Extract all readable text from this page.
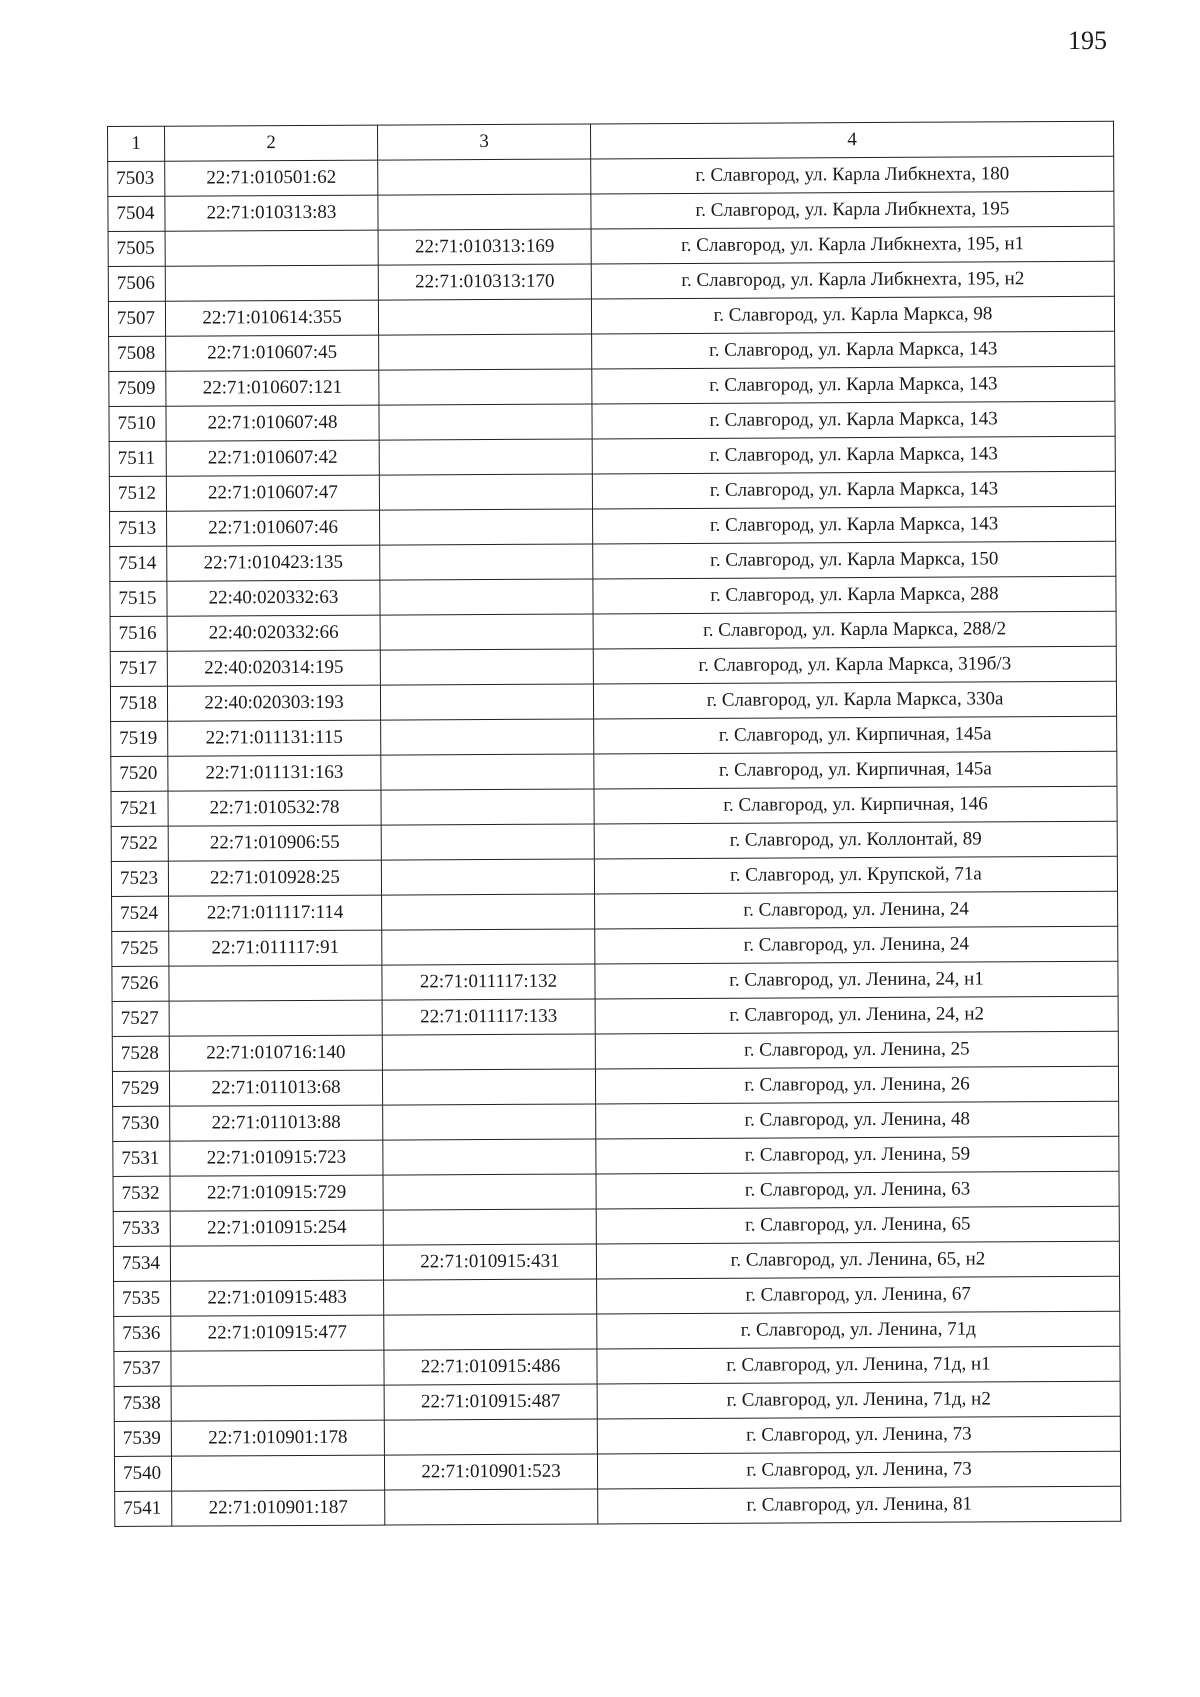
195
1	2	3	4
7503	22:71:010501:62		г. Славгород, ул. Карла Либкнехта, 180
7504	22:71:010313:83		г. Славгород, ул. Карла Либкнехта, 195
7505		22:71:010313:169	г. Славгород, ул. Карла Либкнехта, 195, н1
7506		22:71:010313:170	г. Славгород, ул. Карла Либкнехта, 195, н2
7507	22:71:010614:355		г. Славгород, ул. Карла Маркса, 98
7508	22:71:010607:45		г. Славгород, ул. Карла Маркса, 143
7509	22:71:010607:121		г. Славгород, ул. Карла Маркса, 143
7510	22:71:010607:48		г. Славгород, ул. Карла Маркса, 143
7511	22:71:010607:42		г. Славгород, ул. Карла Маркса, 143
7512	22:71:010607:47		г. Славгород, ул. Карла Маркса, 143
7513	22:71:010607:46		г. Славгород, ул. Карла Маркса, 143
7514	22:71:010423:135		г. Славгород, ул. Карла Маркса, 150
7515	22:40:020332:63		г. Славгород, ул. Карла Маркса, 288
7516	22:40:020332:66		г. Славгород, ул. Карла Маркса, 288/2
7517	22:40:020314:195		г. Славгород, ул. Карла Маркса, 319б/3
7518	22:40:020303:193		г. Славгород, ул. Карла Маркса, 330а
7519	22:71:011131:115		г. Славгород, ул. Кирпичная, 145а
7520	22:71:011131:163		г. Славгород, ул. Кирпичная, 145а
7521	22:71:010532:78		г. Славгород, ул. Кирпичная, 146
7522	22:71:010906:55		г. Славгород, ул. Коллонтай, 89
7523	22:71:010928:25		г. Славгород, ул. Крупской, 71а
7524	22:71:011117:114		г. Славгород, ул. Ленина, 24
7525	22:71:011117:91		г. Славгород, ул. Ленина, 24
7526		22:71:011117:132	г. Славгород, ул. Ленина, 24, н1
7527		22:71:011117:133	г. Славгород, ул. Ленина, 24, н2
7528	22:71:010716:140		г. Славгород, ул. Ленина, 25
7529	22:71:011013:68		г. Славгород, ул. Ленина, 26
7530	22:71:011013:88		г. Славгород, ул. Ленина, 48
7531	22:71:010915:723		г. Славгород, ул. Ленина, 59
7532	22:71:010915:729		г. Славгород, ул. Ленина, 63
7533	22:71:010915:254		г. Славгород, ул. Ленина, 65
7534		22:71:010915:431	г. Славгород, ул. Ленина, 65, н2
7535	22:71:010915:483		г. Славгород, ул. Ленина, 67
7536	22:71:010915:477		г. Славгород, ул. Ленина, 71д
7537		22:71:010915:486	г. Славгород, ул. Ленина, 71д, н1
7538		22:71:010915:487	г. Славгород, ул. Ленина, 71д, н2
7539	22:71:010901:178		г. Славгород, ул. Ленина, 73
7540		22:71:010901:523	г. Славгород, ул. Ленина, 73
7541	22:71:010901:187		г. Славгород, ул. Ленина, 81
